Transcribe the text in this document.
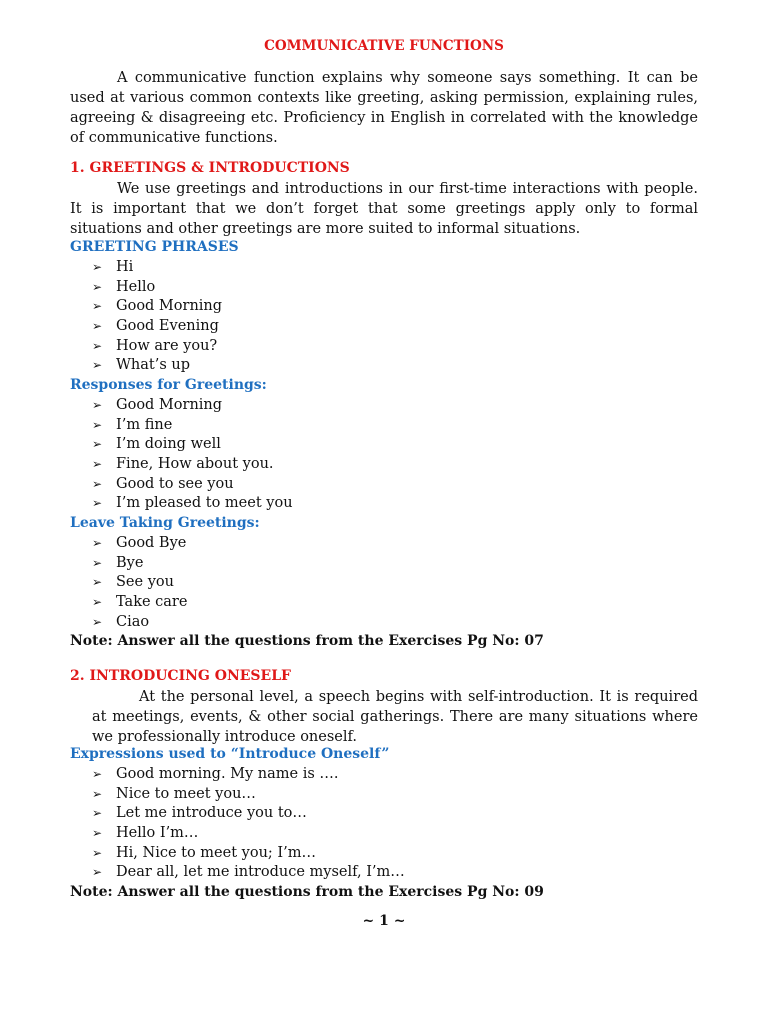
COMMUNICATIVE FUNCTIONS
A communicative function explains why someone says something. It can be used at various common contexts like greeting, asking permission, explaining rules, agreeing & disagreeing etc. Proficiency in English in correlated with the knowledge of communicative functions.
1. GREETINGS & INTRODUCTIONS
We use greetings and introductions in our first-time interactions with people. It is important that we don’t forget that some greetings apply only to formal situations and other greetings are more suited to informal situations.
GREETING PHRASES
➢ Hi
➢ Hello
➢ Good Morning
➢ Good Evening
➢ How are you?
➢ What’s up
Responses for Greetings:
➢ Good Morning
➢ I’m fine
➢ I’m doing well
➢ Fine, How about you.
➢ Good to see you
➢ I’m pleased to meet you
Leave Taking Greetings:
➢ Good Bye
➢ Bye
➢ See you
➢ Take care
➢ Ciao
Note: Answer all the questions from the Exercises Pg No: 07
2. INTRODUCING ONESELF
At the personal level, a speech begins with self-introduction. It is required at meetings, events, & other social gatherings. There are many situations where we professionally introduce oneself.
Expressions used to “Introduce Oneself”
➢ Good morning. My name is ….
➢ Nice to meet you…
➢ Let me introduce you to…
➢ Hello I’m…
➢ Hi, Nice to meet you; I’m…
➢ Dear all, let me introduce myself, I’m…
Note: Answer all the questions from the Exercises Pg No: 09
~ 1 ~
